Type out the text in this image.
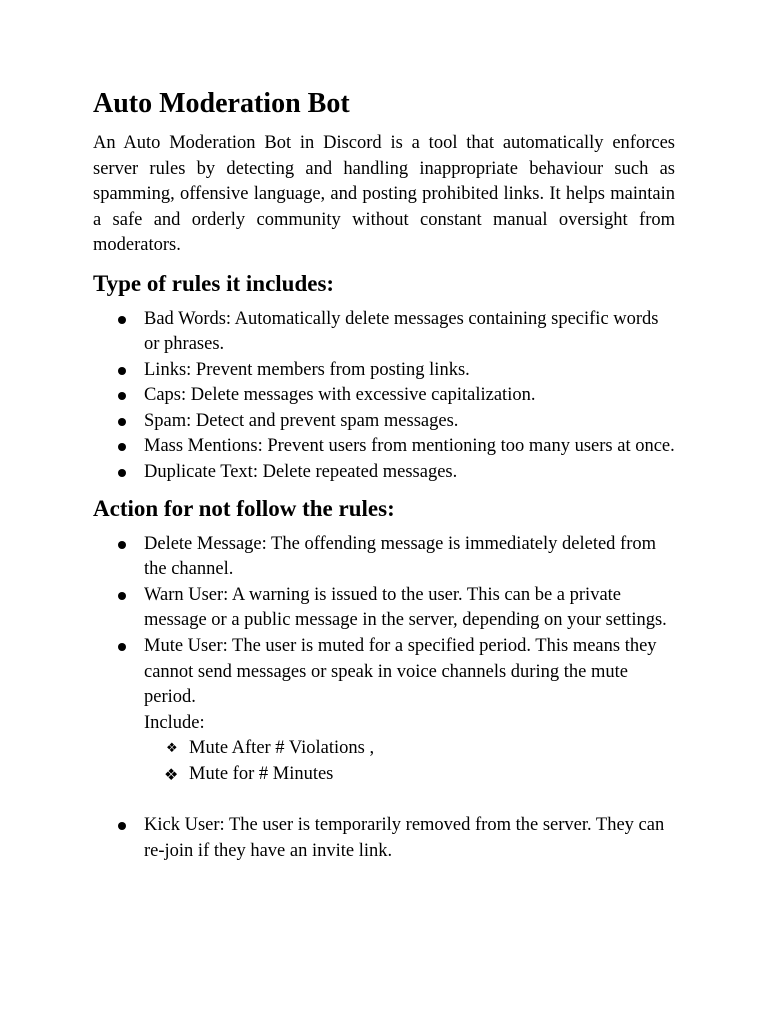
Auto Moderation Bot

An Auto Moderation Bot in Discord is a tool that automatically enforces server rules by detecting and handling inappropriate behaviour such as spamming, offensive language, and posting prohibited links. It helps maintain a safe and orderly community without constant manual oversight from moderators.

Type of rules it includes:
Bad Words: Automatically delete messages containing specific words or phrases.
Links: Prevent members from posting links.
Caps: Delete messages with excessive capitalization.
Spam: Detect and prevent spam messages.
Mass Mentions: Prevent users from mentioning too many users at once.
Duplicate Text: Delete repeated messages.
Action for not follow the rules:
Delete Message: The offending message is immediately deleted from the channel.
Warn User: A warning is issued to the user. This can be a private message or a public message in the server, depending on your settings.
Mute User: The user is muted for a specified period. This means they cannot send messages or speak in voice channels during the mute period.
Include:
❖ Mute After # Violations ,
❖ Mute for # Minutes
Kick User: The user is temporarily removed from the server. They can re-join if they have an invite link.
